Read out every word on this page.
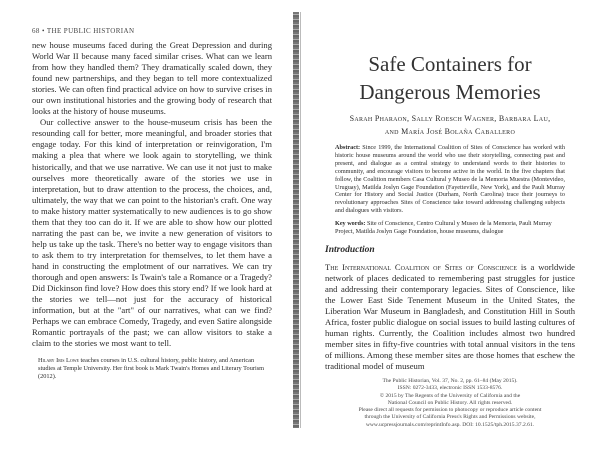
68 • THE PUBLIC HISTORIAN

new house museums faced during the Great Depression and during World War II because many faced similar crises. What can we learn from how they handled them? They dramatically scaled down, they found new partnerships, and they began to tell more contextualized stories. We can often find practical advice on how to survive crises in our own institutional histories and the growing body of research that looks at the history of house museums.

Our collective answer to the house-museum crisis has been the resounding call for better, more meaningful, and broader stories that engage today. For this kind of interpretation or reinvigoration, I'm making a plea that where we look again to storytelling, we think historically, and that we use narrative. We can use it not just to make ourselves more theoretically aware of the stories we use in interpretation, but to draw attention to the process, the choices, and, ultimately, the way that we can point to the historian's craft. One way to make history matter systematically to new audiences is to go show them that they too can do it. If we are able to show how our plotted narrating the past can be, we invite a new generation of visitors to help us take up the task. There's no better way to engage visitors than to ask them to try interpretation for themselves, to let them have a hand in constructing the emplotment of our narratives. We can try thorough and open answers: Is Twain's tale a Romance or a Tragedy? Did Dickinson find love? How does this story end? If we look hard at the stories we tell—not just for the accuracy of historical information, but at the "art" of our narratives, what can we find? Perhaps we can embrace Comedy, Tragedy, and even Satire alongside Romantic portrayals of the past; we can allow visitors to stake a claim to the stories we most want to tell.

Hilary Iris Lowe teaches courses in U.S. cultural history, public history, and American studies at Temple University. Her first book is Mark Twain's Homes and Literary Tourism (2012).
Safe Containers for
Dangerous Memories
Sarah Pharaon, Sally Roesch Wagner, Barbara Lau,
and María José Bolaña Caballero
Abstract: Since 1999, the International Coalition of Sites of Conscience has worked with historic house museums around the world who use their storytelling, connecting past and present, and dialogue as a central strategy to understand words to their histories to community, and encourage visitors to become active in the world. In the five chapters that follow, the Coalition members Casa Cultural y Museo de la Memoria Muestra (Montevideo, Uruguay), Matilda Joslyn Gage Foundation (Fayetteville, New York), and the Pauli Murray Center for History and Social Justice (Durham, North Carolina) trace their journeys to revolutionary approaches Sites of Conscience take toward addressing challenging subjects and dialogues with visitors.
Key words: Site of Conscience, Centro Cultural y Museo de la Memoria, Pauli Murray Project, Matilda Joslyn Gage Foundation, house museums, dialogue
Introduction
The International Coalition of Sites of Conscience is a worldwide network of places dedicated to remembering past struggles for justice and addressing their contemporary legacies. Sites of Conscience, like the Lower East Side Tenement Museum in the United States, the Liberation War Museum in Bangladesh, and Constitution Hill in South Africa, foster public dialogue on social issues to build lasting cultures of human rights. Currently, the Coalition includes almost two hundred member sites in fifty-five countries with total annual visitors in the tens of millions. Among these member sites are those homes that eschew the traditional model of museum
The Public Historian, Vol. 37, No. 2, pp. 61–84 (May 2015).
ISSN: 0272-3433, electronic ISSN 1533-8576.
© 2015 by The Regents of the University of California and the
National Council on Public History. All rights reserved.
Please direct all requests for permission to photocopy or reproduce article content
through the University of California Press's Rights and Permissions website,
www.ucpressjournals.com/reprintInfo.asp. DOI: 10.1525/tph.2015.37.2.61.
